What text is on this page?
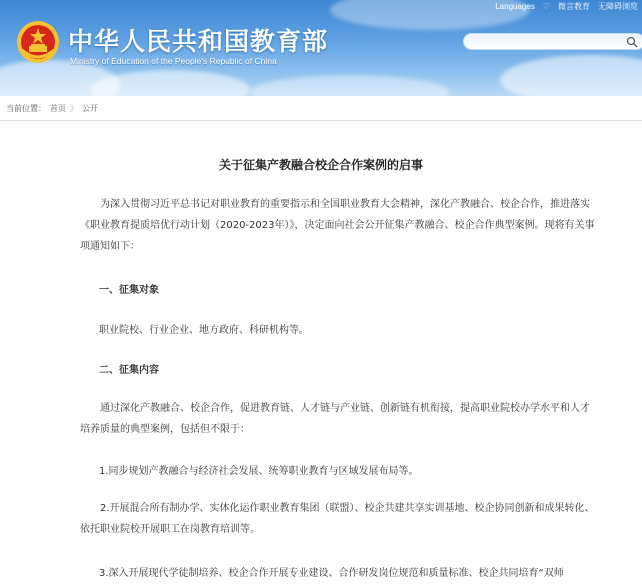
Languages ♡ 微言教育 无障碍浏览
中华人民共和国教育部
Ministry of Education of the People's Republic of China
当前位置： 首页 》 公开
关于征集产教融合校企合作案例的启事
为深入贯彻习近平总书记对职业教育的重要指示和全国职业教育大会精神，深化产教融合、校企合作，推进落实《职业教育提质培优行动计划（2020-2023年）》，决定面向社会公开征集产教融合、校企合作典型案例。现将有关事项通知如下：
一、征集对象
职业院校、行业企业、地方政府、科研机构等。
二、征集内容
通过深化产教融合、校企合作，促进教育链、人才链与产业链、创新链有机衔接，提高职业院校办学水平和人才培养质量的典型案例，包括但不限于：
1.同步规划产教融合与经济社会发展、统筹职业教育与区域发展布局等。
2.开展混合所有制办学、实体化运作职业教育集团（联盟）、校企共建共享实训基地、校企协同创新和成果转化、依托职业院校开展职工在岗教育培训等。
3.深入开展现代学徒制培养、校企合作开展专业建设、合作研发岗位规范和质量标准、校企共同培育“双师
